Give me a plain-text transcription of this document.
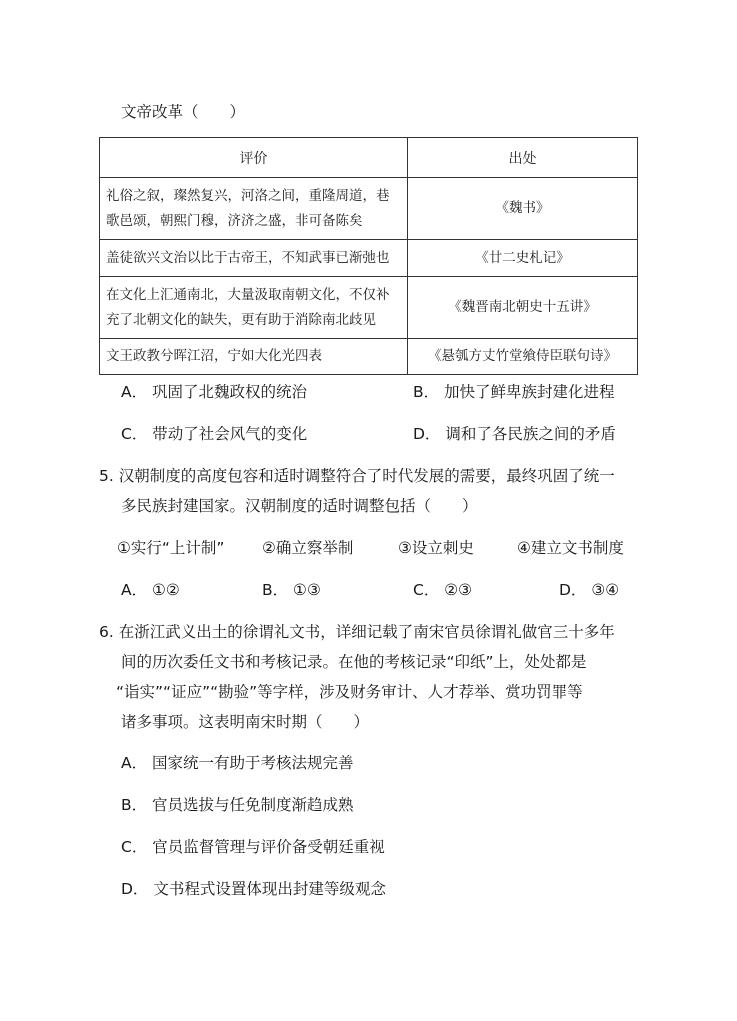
文帝改革（　　）
评价	出处
礼俗之叙，璨然复兴，河洛之间，重隆周道，巷歌邑颂，朝熙门穆，济济之盛，非可备陈矣	《魏书》
盖徒欲兴文治以比于古帝王，不知武事已渐弛也	《廿二史札记》
在文化上汇通南北，大量汲取南朝文化，不仅补充了北朝文化的缺失，更有助于消除南北歧见	《魏晋南北朝史十五讲》
文王政教兮晖江沼，宁如大化光四表	《悬瓠方丈竹堂飨侍臣联句诗》
A． 巩固了北魏政权的统治	B． 加快了鲜卑族封建化进程
C． 带动了社会风气的变化	D． 调和了各民族之间的矛盾
5. 汉朝制度的高度包容和适时调整符合了时代发展的需要，最终巩固了统一
多民族封建国家。汉朝制度的适时调整包括（　　）
①实行“上计制” ②确立察举制	③设立刺史	④建立文书制度
A． ①②	B． ①③	C． ②③	D． ③④
6. 在浙江武义出土的徐谓礼文书，详细记载了南宋官员徐谓礼做官三十多年
间的历次委任文书和考核记录。在他的考核记录“印纸”上，处处都是
“诣实”“证应”“勘验”等字样，涉及财务审计、人才荐举、赏功罚罪等
诸多事项。这表明南宋时期（　　）
A． 国家统一有助于考核法规完善
B． 官员选拔与任免制度渐趋成熟
C． 官员监督管理与评价备受朝廷重视
D． 文书程式设置体现出封建等级观念
